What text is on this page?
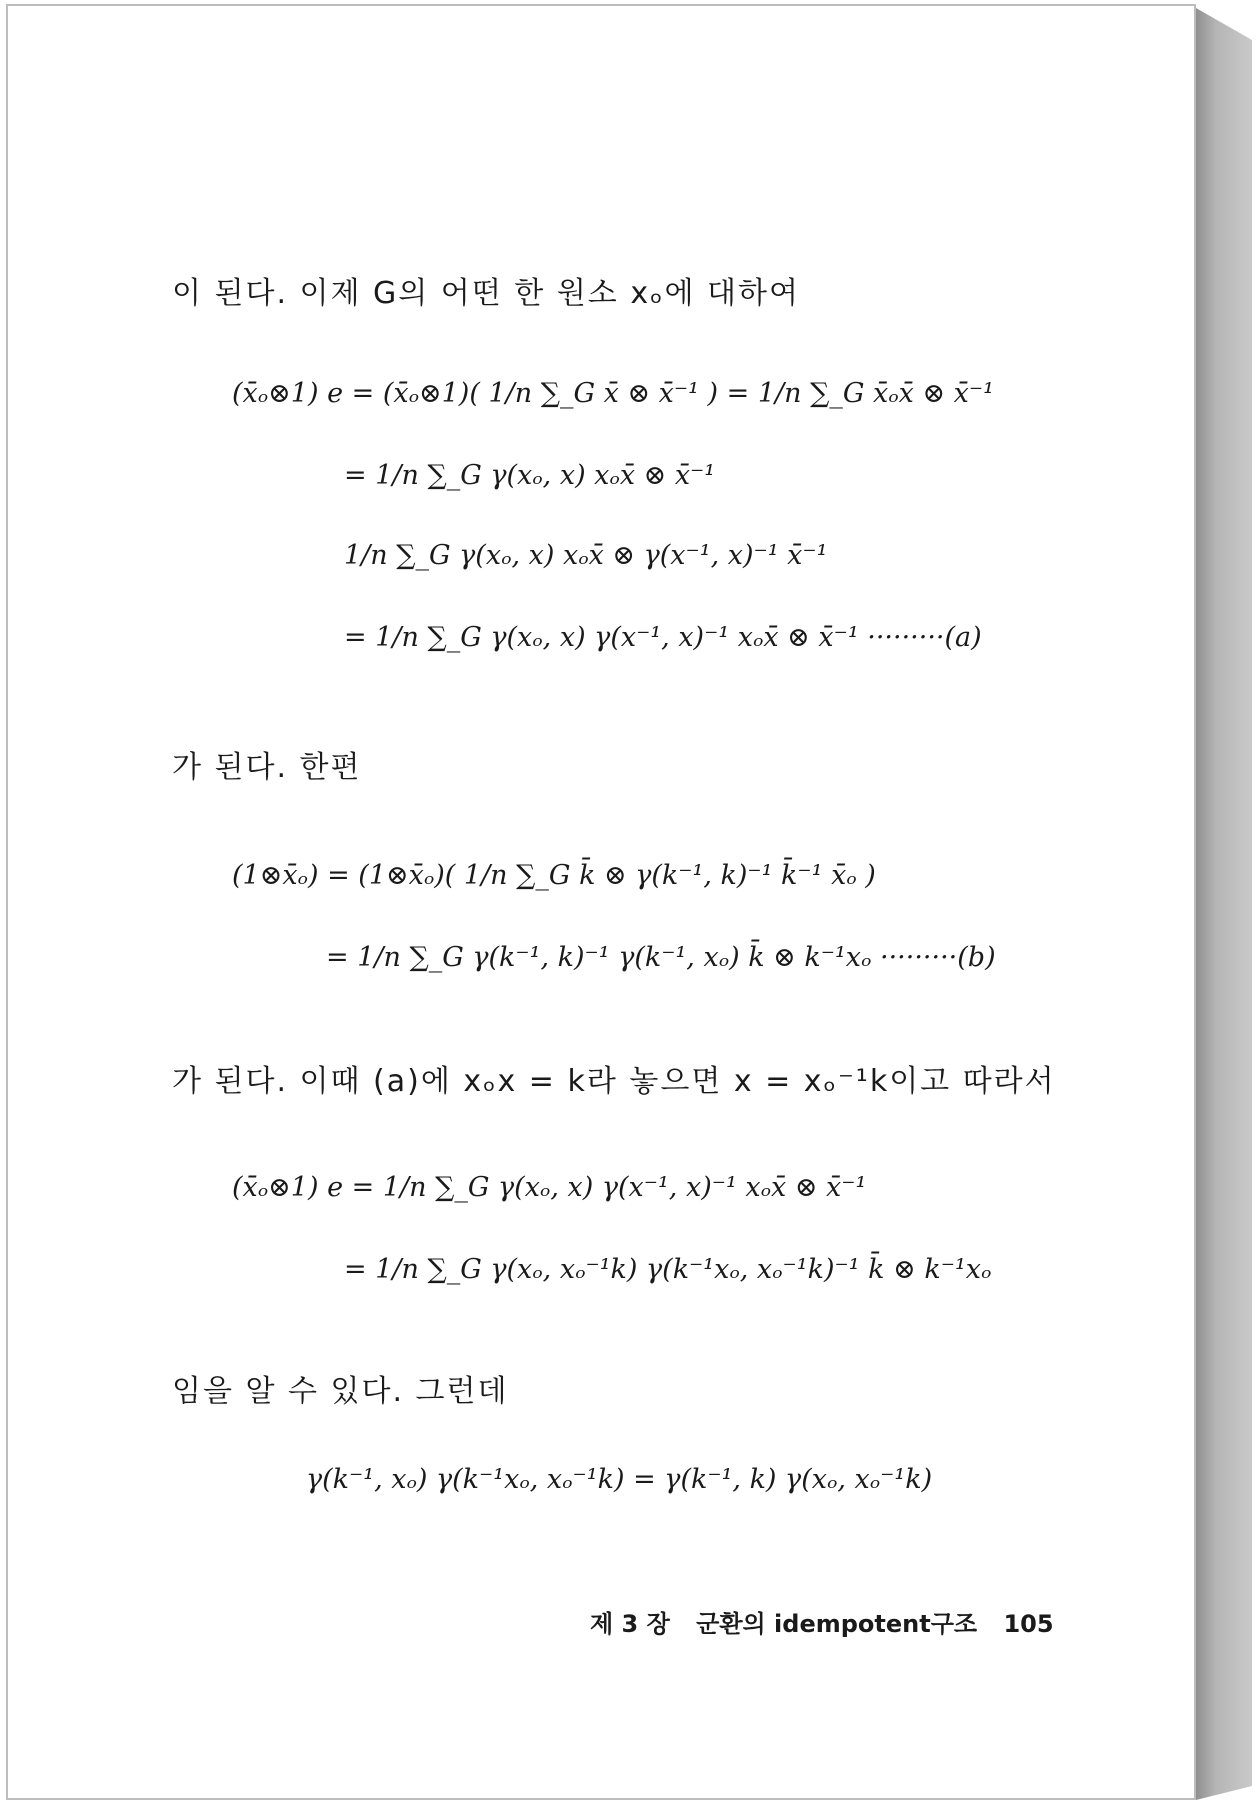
이 된다. 이제 G의 어떤 한 원소 xₒ에 대하여
(x̄ₒ⊗1) e = (x̄ₒ⊗1)( 1/n ∑_G x̄ ⊗ x̄⁻¹ ) = 1/n ∑_G x̄ₒx̄ ⊗ x̄⁻¹
= 1/n ∑_G γ(xₒ, x) xₒx̄ ⊗ x̄⁻¹
1/n ∑_G γ(xₒ, x) xₒx̄ ⊗ γ(x⁻¹, x)⁻¹ x̄⁻¹
= 1/n ∑_G γ(xₒ, x) γ(x⁻¹, x)⁻¹ xₒx̄ ⊗ x̄⁻¹ ·········(a)
가 된다. 한편
(1⊗x̄ₒ) = (1⊗x̄ₒ)( 1/n ∑_G k̄ ⊗ γ(k⁻¹, k)⁻¹ k̄⁻¹ x̄ₒ )
= 1/n ∑_G γ(k⁻¹, k)⁻¹ γ(k⁻¹, xₒ) k̄ ⊗ k⁻¹xₒ ·········(b)
가 된다. 이때 (a)에 xₒx = k라 놓으면 x = xₒ⁻¹k이고 따라서
(x̄ₒ⊗1) e = 1/n ∑_G γ(xₒ, x) γ(x⁻¹, x)⁻¹ xₒx̄ ⊗ x̄⁻¹
= 1/n ∑_G γ(xₒ, xₒ⁻¹k) γ(k⁻¹xₒ, xₒ⁻¹k)⁻¹ k̄ ⊗ k⁻¹xₒ
임을 알 수 있다. 그런데
γ(k⁻¹, xₒ) γ(k⁻¹xₒ, xₒ⁻¹k) = γ(k⁻¹, k) γ(xₒ, xₒ⁻¹k)
제 3 장 군환의 idempotent구조 105
